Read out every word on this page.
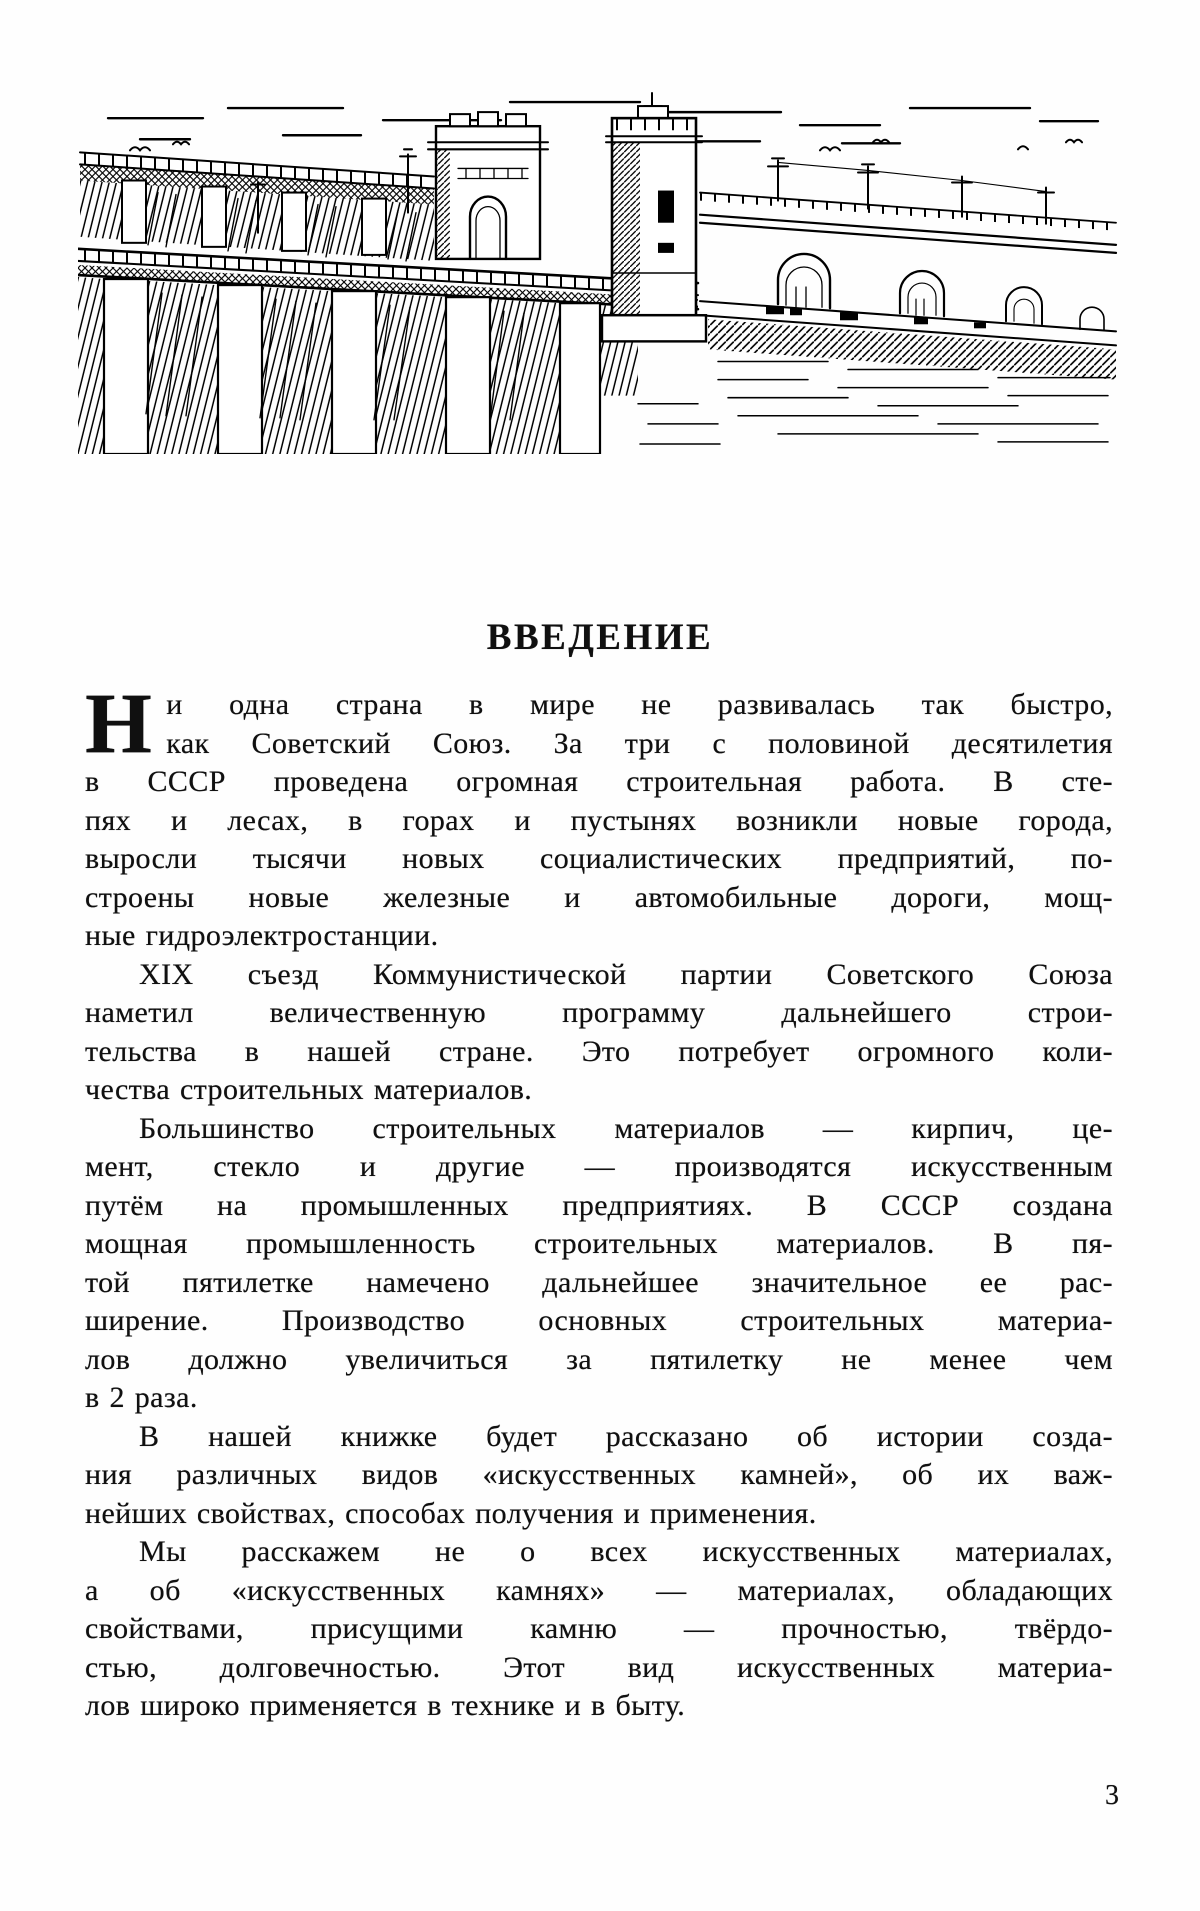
ВВЕДЕНИЕ

Н и одна страна в мире не развивалась так быстро,
как Советский Союз. За три с половиной десятилетия
в СССР проведена огромная строительная работа. В сте-
пях и лесах, в горах и пустынях возникли новые города,
выросли тысячи новых социалистических предприятий, по-
строены новые железные и автомобильные дороги, мощ-
ные гидроэлектростанции.

XIX съезд Коммунистической партии Советского Союза
наметил величественную программу дальнейшего строи-
тельства в нашей стране. Это потребует огромного коли-
чества строительных материалов.

Большинство строительных материалов — кирпич, це-
мент, стекло и другие — производятся искусственным
путём на промышленных предприятиях. В СССР создана
мощная промышленность строительных материалов. В пя-
той пятилетке намечено дальнейшее значительное ее рас-
ширение. Производство основных строительных материа-
лов должно увеличиться за пятилетку не менее чем
в 2 раза.

В нашей книжке будет рассказано об истории созда-
ния различных видов «искусственных камней», об их важ-
нейших свойствах, способах получения и применения.

Мы расскажем не о всех искусственных материалах,
а об «искусственных камнях» — материалах, обладающих
свойствами, присущими камню — прочностью, твёрдо-
стью, долговечностью. Этот вид искусственных материа-
лов широко применяется в технике и в быту.

3
